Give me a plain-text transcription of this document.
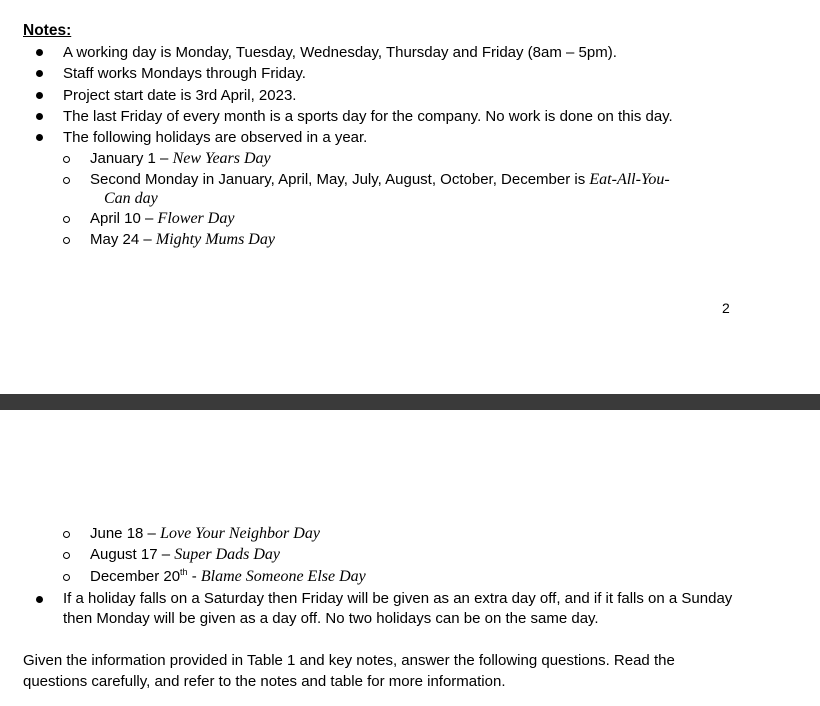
Notes:
A working day is Monday, Tuesday, Wednesday, Thursday and Friday (8am – 5pm).
Staff works Mondays through Friday.
Project start date is 3rd April, 2023.
The last Friday of every month is a sports day for the company. No work is done on this day.
The following holidays are observed in a year.
January 1 – New Years Day
Second Monday in January, April, May, July, August, October, December is Eat-All-You-
Can day
April 10 – Flower Day
May 24 – Mighty Mums Day
2
June 18 – Love Your Neighbor Day
August 17 – Super Dads Day
December 20th - Blame Someone Else Day
If a holiday falls on a Saturday then Friday will be given as an extra day off, and if it falls on a Sunday
then Monday will be given as a day off. No two holidays can be on the same day.
Given the information provided in Table 1 and key notes, answer the following questions. Read the
questions carefully, and refer to the notes and table for more information.
